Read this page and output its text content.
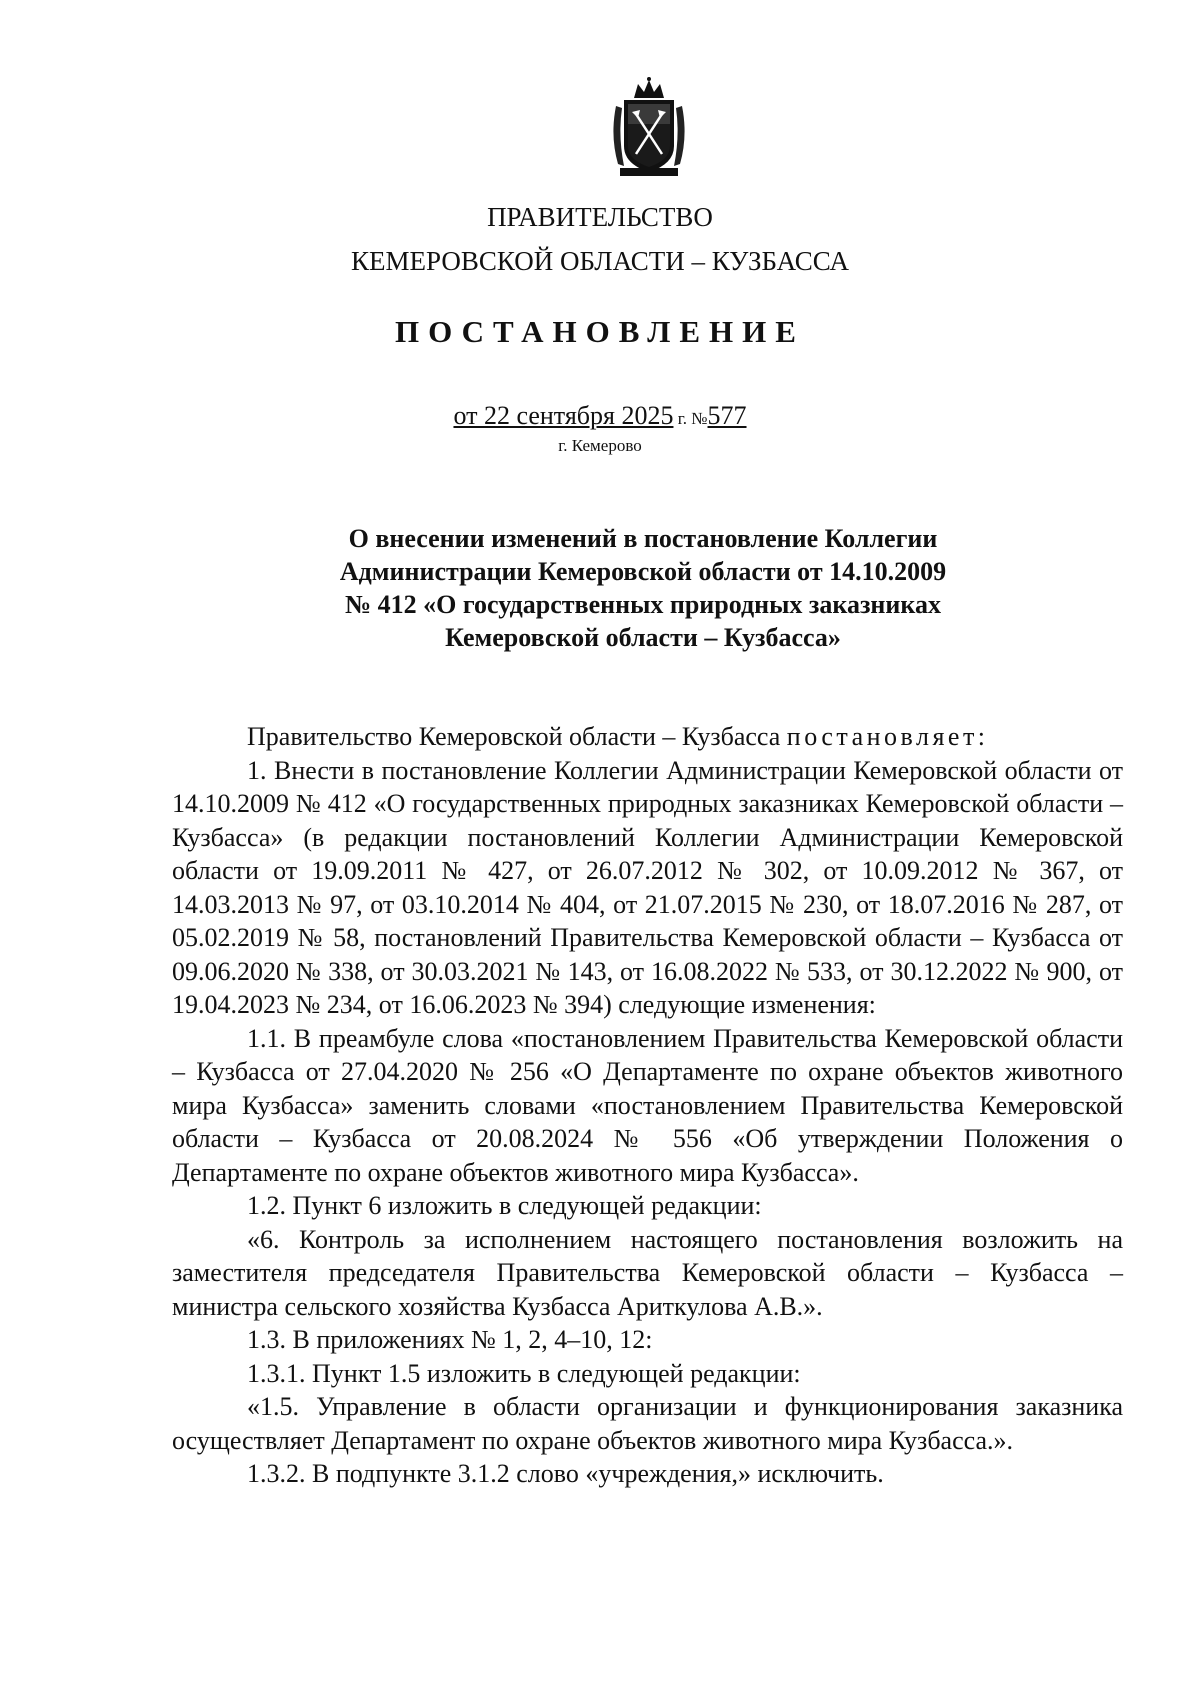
ПРАВИТЕЛЬСТВО
КЕМЕРОВСКОЙ ОБЛАСТИ – КУЗБАССА
ПОСТАНОВЛЕНИЕ
от 22 сентября 2025 г. №577
г. Кемерово
О внесении изменений в постановление Коллегии
Администрации Кемеровской области от 14.10.2009
№ 412 «О государственных природных заказниках
Кемеровской области – Кузбасса»

Правительство Кемеровской области – Кузбасса постановляет:

1. Внести в постановление Коллегии Администрации Кемеровской области от 14.10.2009 № 412 «О государственных природных заказниках Кемеровской области – Кузбасса» (в редакции постановлений Коллегии Администрации Кемеровской области от 19.09.2011 № 427, от 26.07.2012 № 302, от 10.09.2012 № 367, от 14.03.2013 № 97, от 03.10.2014 № 404, от 21.07.2015 № 230, от 18.07.2016 № 287, от 05.02.2019 № 58, постановлений Правительства Кемеровской области – Кузбасса от 09.06.2020 № 338, от 30.03.2021 № 143, от 16.08.2022 № 533, от 30.12.2022 № 900, от 19.04.2023 № 234, от 16.06.2023 № 394) следующие изменения:

1.1. В преамбуле слова «постановлением Правительства Кемеровской области – Кузбасса от 27.04.2020 № 256 «О Департаменте по охране объектов животного мира Кузбасса» заменить словами «постановлением Правительства Кемеровской области – Кузбасса от 20.08.2024 № 556 «Об утверждении Положения о Департаменте по охране объектов животного мира Кузбасса».

1.2. Пункт 6 изложить в следующей редакции:

«6. Контроль за исполнением настоящего постановления возложить на заместителя председателя Правительства Кемеровской области – Кузбасса – министра сельского хозяйства Кузбасса Ариткулова А.В.».

1.3. В приложениях № 1, 2, 4–10, 12:

1.3.1. Пункт 1.5 изложить в следующей редакции:

«1.5. Управление в области организации и функционирования заказника осуществляет Департамент по охране объектов животного мира Кузбасса.».

1.3.2. В подпункте 3.1.2 слово «учреждения,» исключить.
